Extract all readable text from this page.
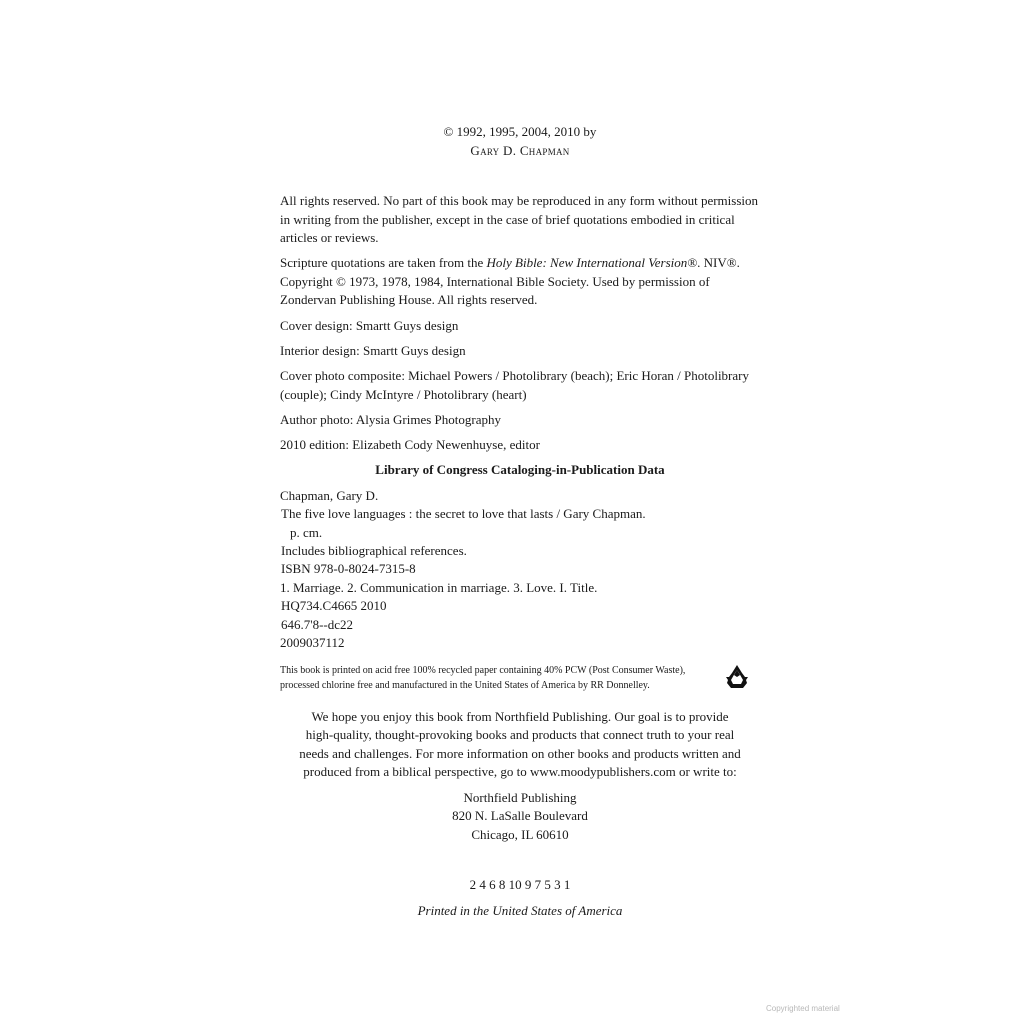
© 1992, 1995, 2004, 2010 by
Gary D. Chapman
All rights reserved. No part of this book may be reproduced in any form without permission in writing from the publisher, except in the case of brief quotations embodied in critical articles or reviews.
Scripture quotations are taken from the Holy Bible: New International Version®. NIV®. Copyright © 1973, 1978, 1984, International Bible Society. Used by permission of Zondervan Publishing House. All rights reserved.
Cover design: Smartt Guys design
Interior design: Smartt Guys design
Cover photo composite: Michael Powers / Photolibrary (beach); Eric Horan / Photolibrary (couple); Cindy McIntyre / Photolibrary (heart)
Author photo: Alysia Grimes Photography
2010 edition: Elizabeth Cody Newenhuyse, editor
Library of Congress Cataloging-in-Publication Data
Chapman, Gary D.
The five love languages : the secret to love that lasts / Gary Chapman.
p. cm.
Includes bibliographical references.
ISBN 978-0-8024-7315-8
1. Marriage. 2. Communication in marriage. 3. Love. I. Title.
HQ734.C4665 2010
646.7'8--dc22
2009037112
This book is printed on acid free 100% recycled paper containing 40% PCW (Post Consumer Waste),
processed chlorine free and manufactured in the United States of America by RR Donnelley.
We hope you enjoy this book from Northfield Publishing. Our goal is to provide
high-quality, thought-provoking books and products that connect truth to your real
needs and challenges. For more information on other books and products written and
produced from a biblical perspective, go to www.moodypublishers.com or write to:
Northfield Publishing
820 N. LaSalle Boulevard
Chicago, IL 60610
2 4 6 8 10 9 7 5 3 1
Printed in the United States of America
Copyrighted material
